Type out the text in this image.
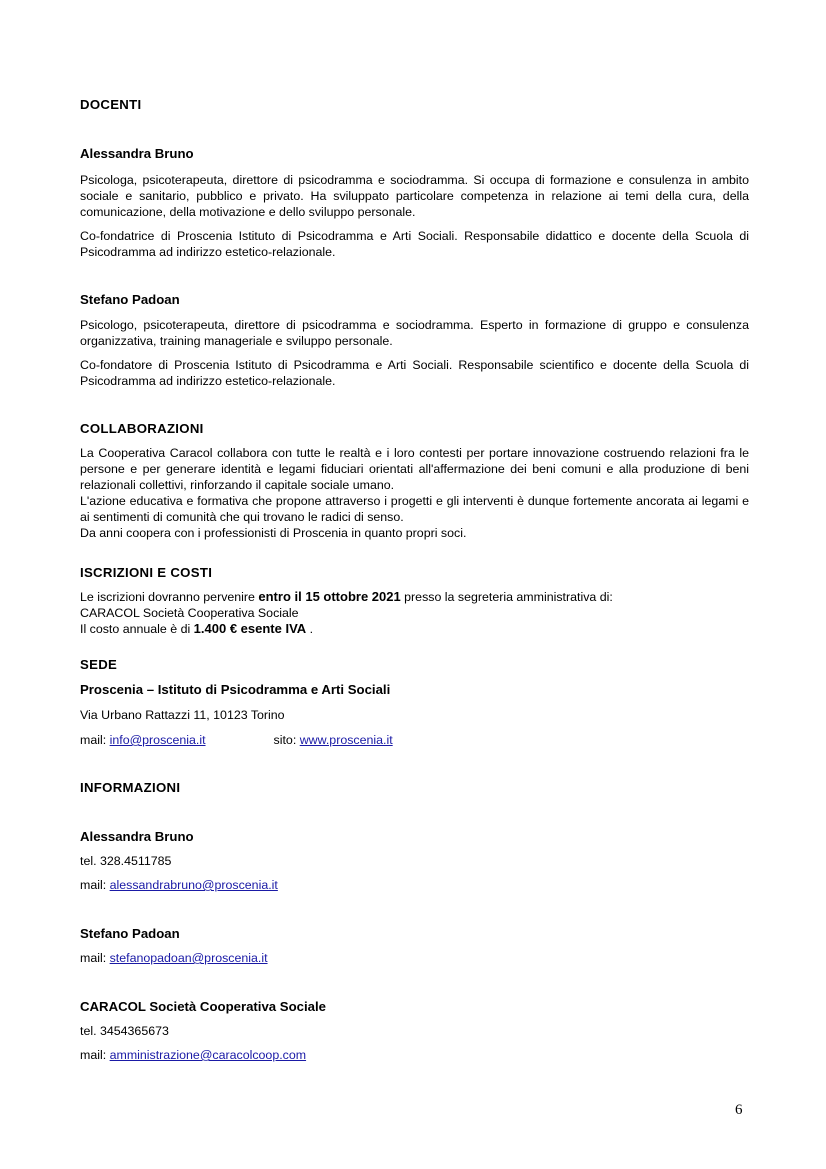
DOCENTI

Alessandra Bruno

Psicologa, psicoterapeuta, direttore di psicodramma e sociodramma. Si occupa di formazione e consulenza in ambito sociale e sanitario, pubblico e privato. Ha sviluppato particolare competenza in relazione ai temi della cura, della comunicazione, della motivazione e dello sviluppo personale.

Co-fondatrice di Proscenia Istituto di Psicodramma e Arti Sociali. Responsabile didattico e docente della Scuola di Psicodramma ad indirizzo estetico-relazionale.

Stefano Padoan

Psicologo, psicoterapeuta, direttore di psicodramma e sociodramma. Esperto in formazione di gruppo e consulenza organizzativa, training manageriale e sviluppo personale.

Co-fondatore di Proscenia Istituto di Psicodramma e Arti Sociali. Responsabile scientifico e docente della Scuola di Psicodramma ad indirizzo estetico-relazionale.

COLLABORAZIONI

La Cooperativa Caracol collabora con tutte le realtà e i loro contesti per portare innovazione costruendo relazioni fra le persone e per generare identità e legami fiduciari orientati all'affermazione dei beni comuni e alla produzione di beni relazionali collettivi, rinforzando il capitale sociale umano.

L'azione educativa e formativa che propone attraverso i progetti e gli interventi è dunque fortemente ancorata ai legami e ai sentimenti di comunità che qui trovano le radici di senso.

Da anni coopera con i professionisti di Proscenia in quanto propri soci.

ISCRIZIONI E COSTI

Le iscrizioni dovranno pervenire entro il 15 ottobre 2021 presso la segreteria amministrativa di:

CARACOL Società Cooperativa Sociale

Il costo annuale è di 1.400 € esente IVA .

SEDE

Proscenia – Istituto di Psicodramma e Arti Sociali

Via Urbano Rattazzi 11, 10123 Torino

mail: info@proscenia.it	sito: www.proscenia.it

INFORMAZIONI

Alessandra Bruno

tel. 328.4511785

mail: alessandrabruno@proscenia.it

Stefano Padoan

mail: stefanopadoan@proscenia.it

CARACOL Società Cooperativa Sociale

tel. 3454365673

mail: amministrazione@caracolcoop.com

6
